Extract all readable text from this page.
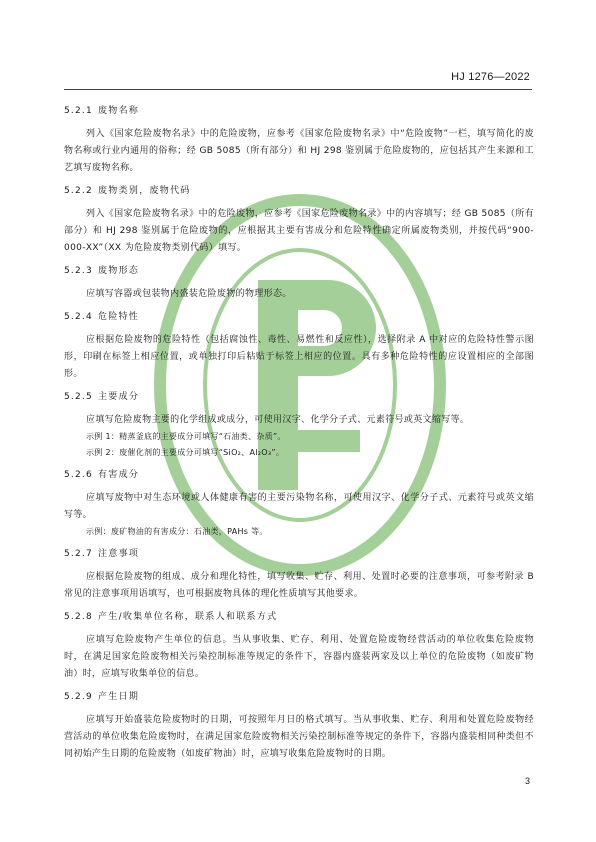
HJ 1276—2022
5.2.1 废物名称
列入《国家危险废物名录》中的危险废物，应参考《国家危险废物名录》中“危险废物”一栏，填写简化的废物名称或行业内通用的俗称；经 GB 5085（所有部分）和 HJ 298 鉴别属于危险废物的，应包括其产生来源和工艺填写废物名称。
5.2.2 废物类别，废物代码
列入《国家危险废物名录》中的危险废物，应参考《国家危险废物名录》中的内容填写；经 GB 5085（所有部分）和 HJ 298 鉴别属于危险废物的，应根据其主要有害成分和危险特性确定所属废物类别，并按代码“900-000-XX”（XX 为危险废物类别代码）填写。
5.2.3 废物形态
应填写容器或包装物内盛装危险废物的物理形态。
5.2.4 危险特性
应根据危险废物的危险特性（包括腐蚀性、毒性、易燃性和反应性），选择附录 A 中对应的危险特性警示图形，印刷在标签上相应位置，或单独打印后粘贴于标签上相应的位置。具有多种危险特性的应设置相应的全部图形。
5.2.5 主要成分
应填写危险废物主要的化学组成或成分，可使用汉字、化学分子式、元素符号或英文缩写等。
示例 1：精蒸釜底的主要成分可填写“石油类、杂质”。
示例 2：废催化剂的主要成分可填写“SiO₂、Al₂O₃”。
5.2.6 有害成分
应填写废物中对生态环境或人体健康有害的主要污染物名称，可使用汉字、化学分子式、元素符号或英文缩写等。
示例：废矿物油的有害成分：石油类，PAHs 等。
5.2.7 注意事项
应根据危险废物的组成、成分和理化特性，填写收集、贮存、利用、处置时必要的注意事项，可参考附录 B 常见的注意事项用语填写，也可根据废物具体的理化性质填写其他要求。
5.2.8 产生/收集单位名称，联系人和联系方式
应填写危险废物产生单位的信息。当从事收集、贮存、利用、处置危险废物经营活动的单位收集危险废物时，在满足国家危险废物相关污染控制标准等规定的条件下，容器内盛装两家及以上单位的危险废物（如废矿物油）时，应填写收集单位的信息。
5.2.9 产生日期
应填写开始盛装危险废物时的日期，可按照年月日的格式填写。当从事收集、贮存、利用和处置危险废物经营活动的单位收集危险废物时，在满足国家危险废物相关污染控制标准等规定的条件下，容器内盛装相同种类但不同初始产生日期的危险废物（如废矿物油）时，应填写收集危险废物时的日期。
3
